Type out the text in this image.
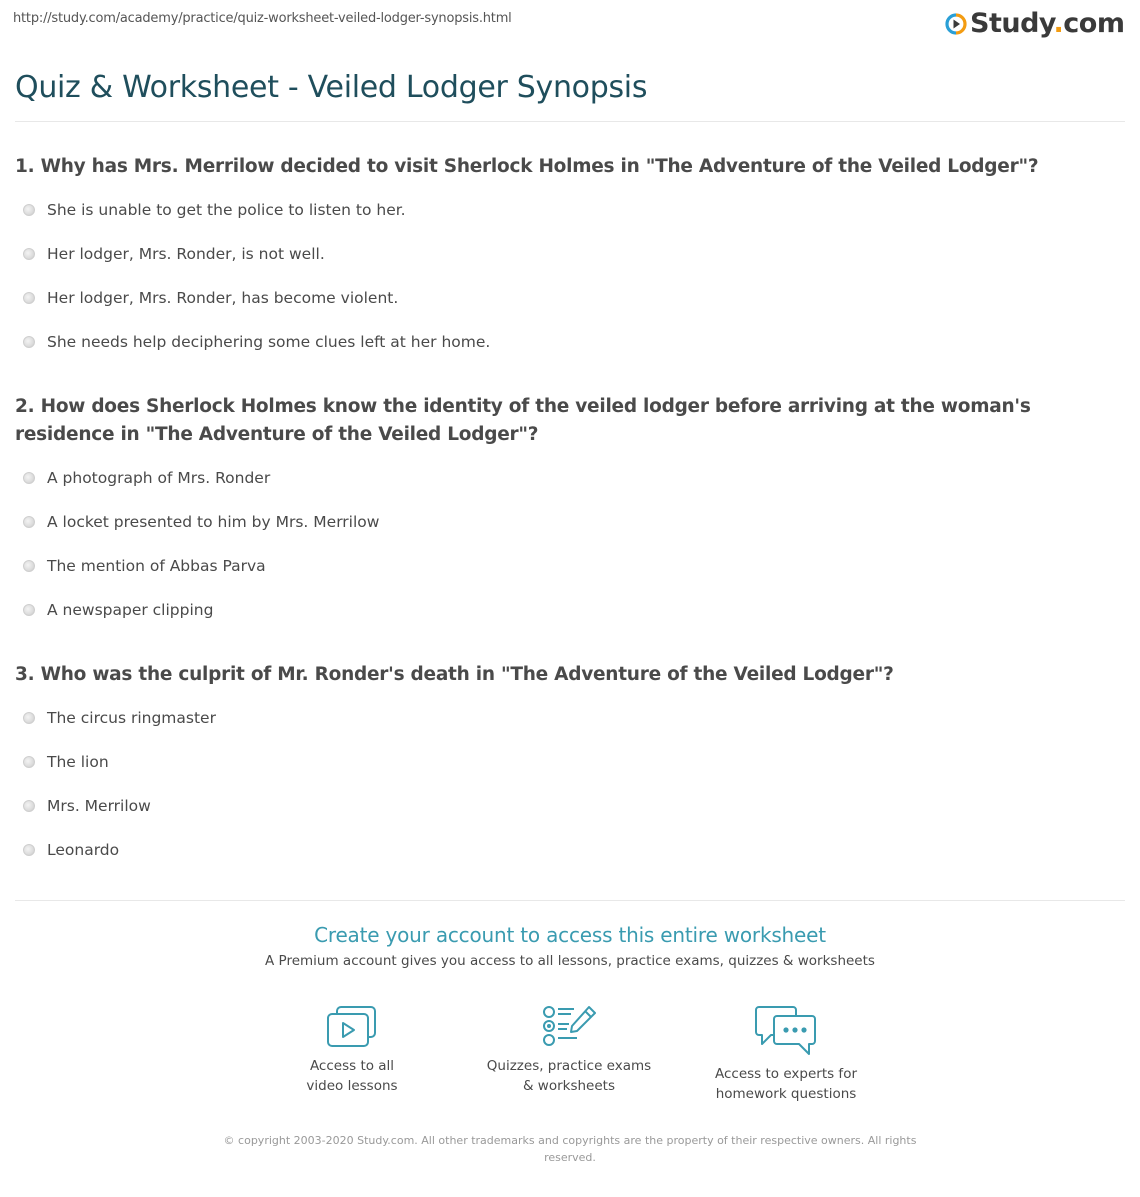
http://study.com/academy/practice/quiz-worksheet-veiled-lodger-synopsis.html	Study.com
Quiz & Worksheet - Veiled Lodger Synopsis
1. Why has Mrs. Merrilow decided to visit Sherlock Holmes in "The Adventure of the Veiled Lodger"?
She is unable to get the police to listen to her.
Her lodger, Mrs. Ronder, is not well.
Her lodger, Mrs. Ronder, has become violent.
She needs help deciphering some clues left at her home.
2. How does Sherlock Holmes know the identity of the veiled lodger before arriving at the woman's residence in "The Adventure of the Veiled Lodger"?
A photograph of Mrs. Ronder
A locket presented to him by Mrs. Merrilow
The mention of Abbas Parva
A newspaper clipping
3. Who was the culprit of Mr. Ronder's death in "The Adventure of the Veiled Lodger"?
The circus ringmaster
The lion
Mrs. Merrilow
Leonardo
Create your account to access this entire worksheet
A Premium account gives you access to all lessons, practice exams, quizzes & worksheets
Access to all
video lessons
Quizzes, practice exams
& worksheets
Access to experts for
homework questions
© copyright 2003-2020 Study.com. All other trademarks and copyrights are the property of their respective owners. All rights reserved.
